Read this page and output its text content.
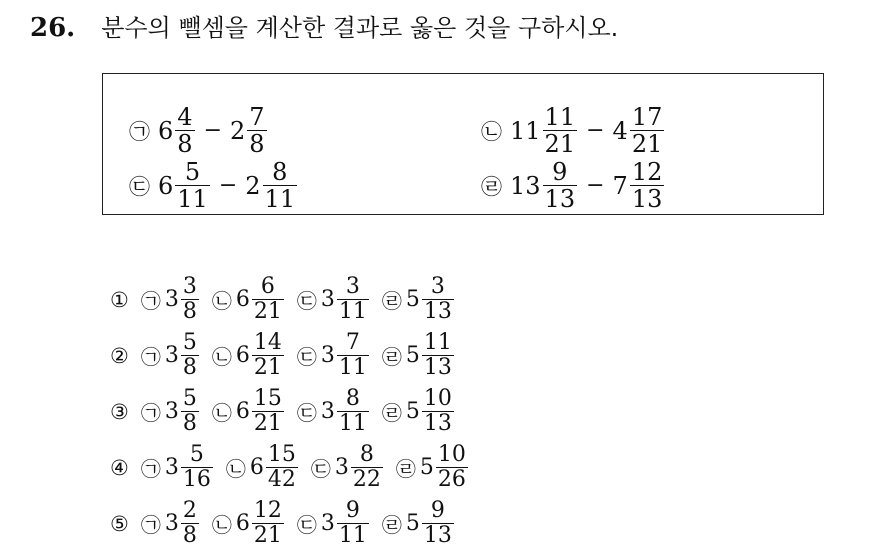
26. 분수의 뺄셈을 계산한 결과로 옳은 것을 구하시오.
㉠ $6 \frac{4}{8} - 2 \frac{7}{8}$	㉡ $11 \frac{11}{21} - 4 \frac{17}{21}$
㉢ $6 \frac{5}{11} - 2 \frac{8}{11}$	㉣ $13 \frac{9}{13} - 7 \frac{12}{13}$
① ㉠ $3 \frac{3}{8}$ ㉡ $6 \frac{6}{21}$ ㉢ $3 \frac{3}{11}$ ㉣ $5 \frac{3}{13}$
② ㉠ $3 \frac{5}{8}$ ㉡ $6 \frac{14}{21}$ ㉢ $3 \frac{7}{11}$ ㉣ $5 \frac{11}{13}$
③ ㉠ $3 \frac{5}{8}$ ㉡ $6 \frac{15}{21}$ ㉢ $3 \frac{8}{11}$ ㉣ $5 \frac{10}{13}$
④ ㉠ $3 \frac{5}{16}$ ㉡ $6 \frac{15}{42}$ ㉢ $3 \frac{8}{22}$ ㉣ $5 \frac{10}{26}$
⑤ ㉠ $3 \frac{2}{8}$ ㉡ $6 \frac{12}{21}$ ㉢ $3 \frac{9}{11}$ ㉣ $5 \frac{9}{13}$
